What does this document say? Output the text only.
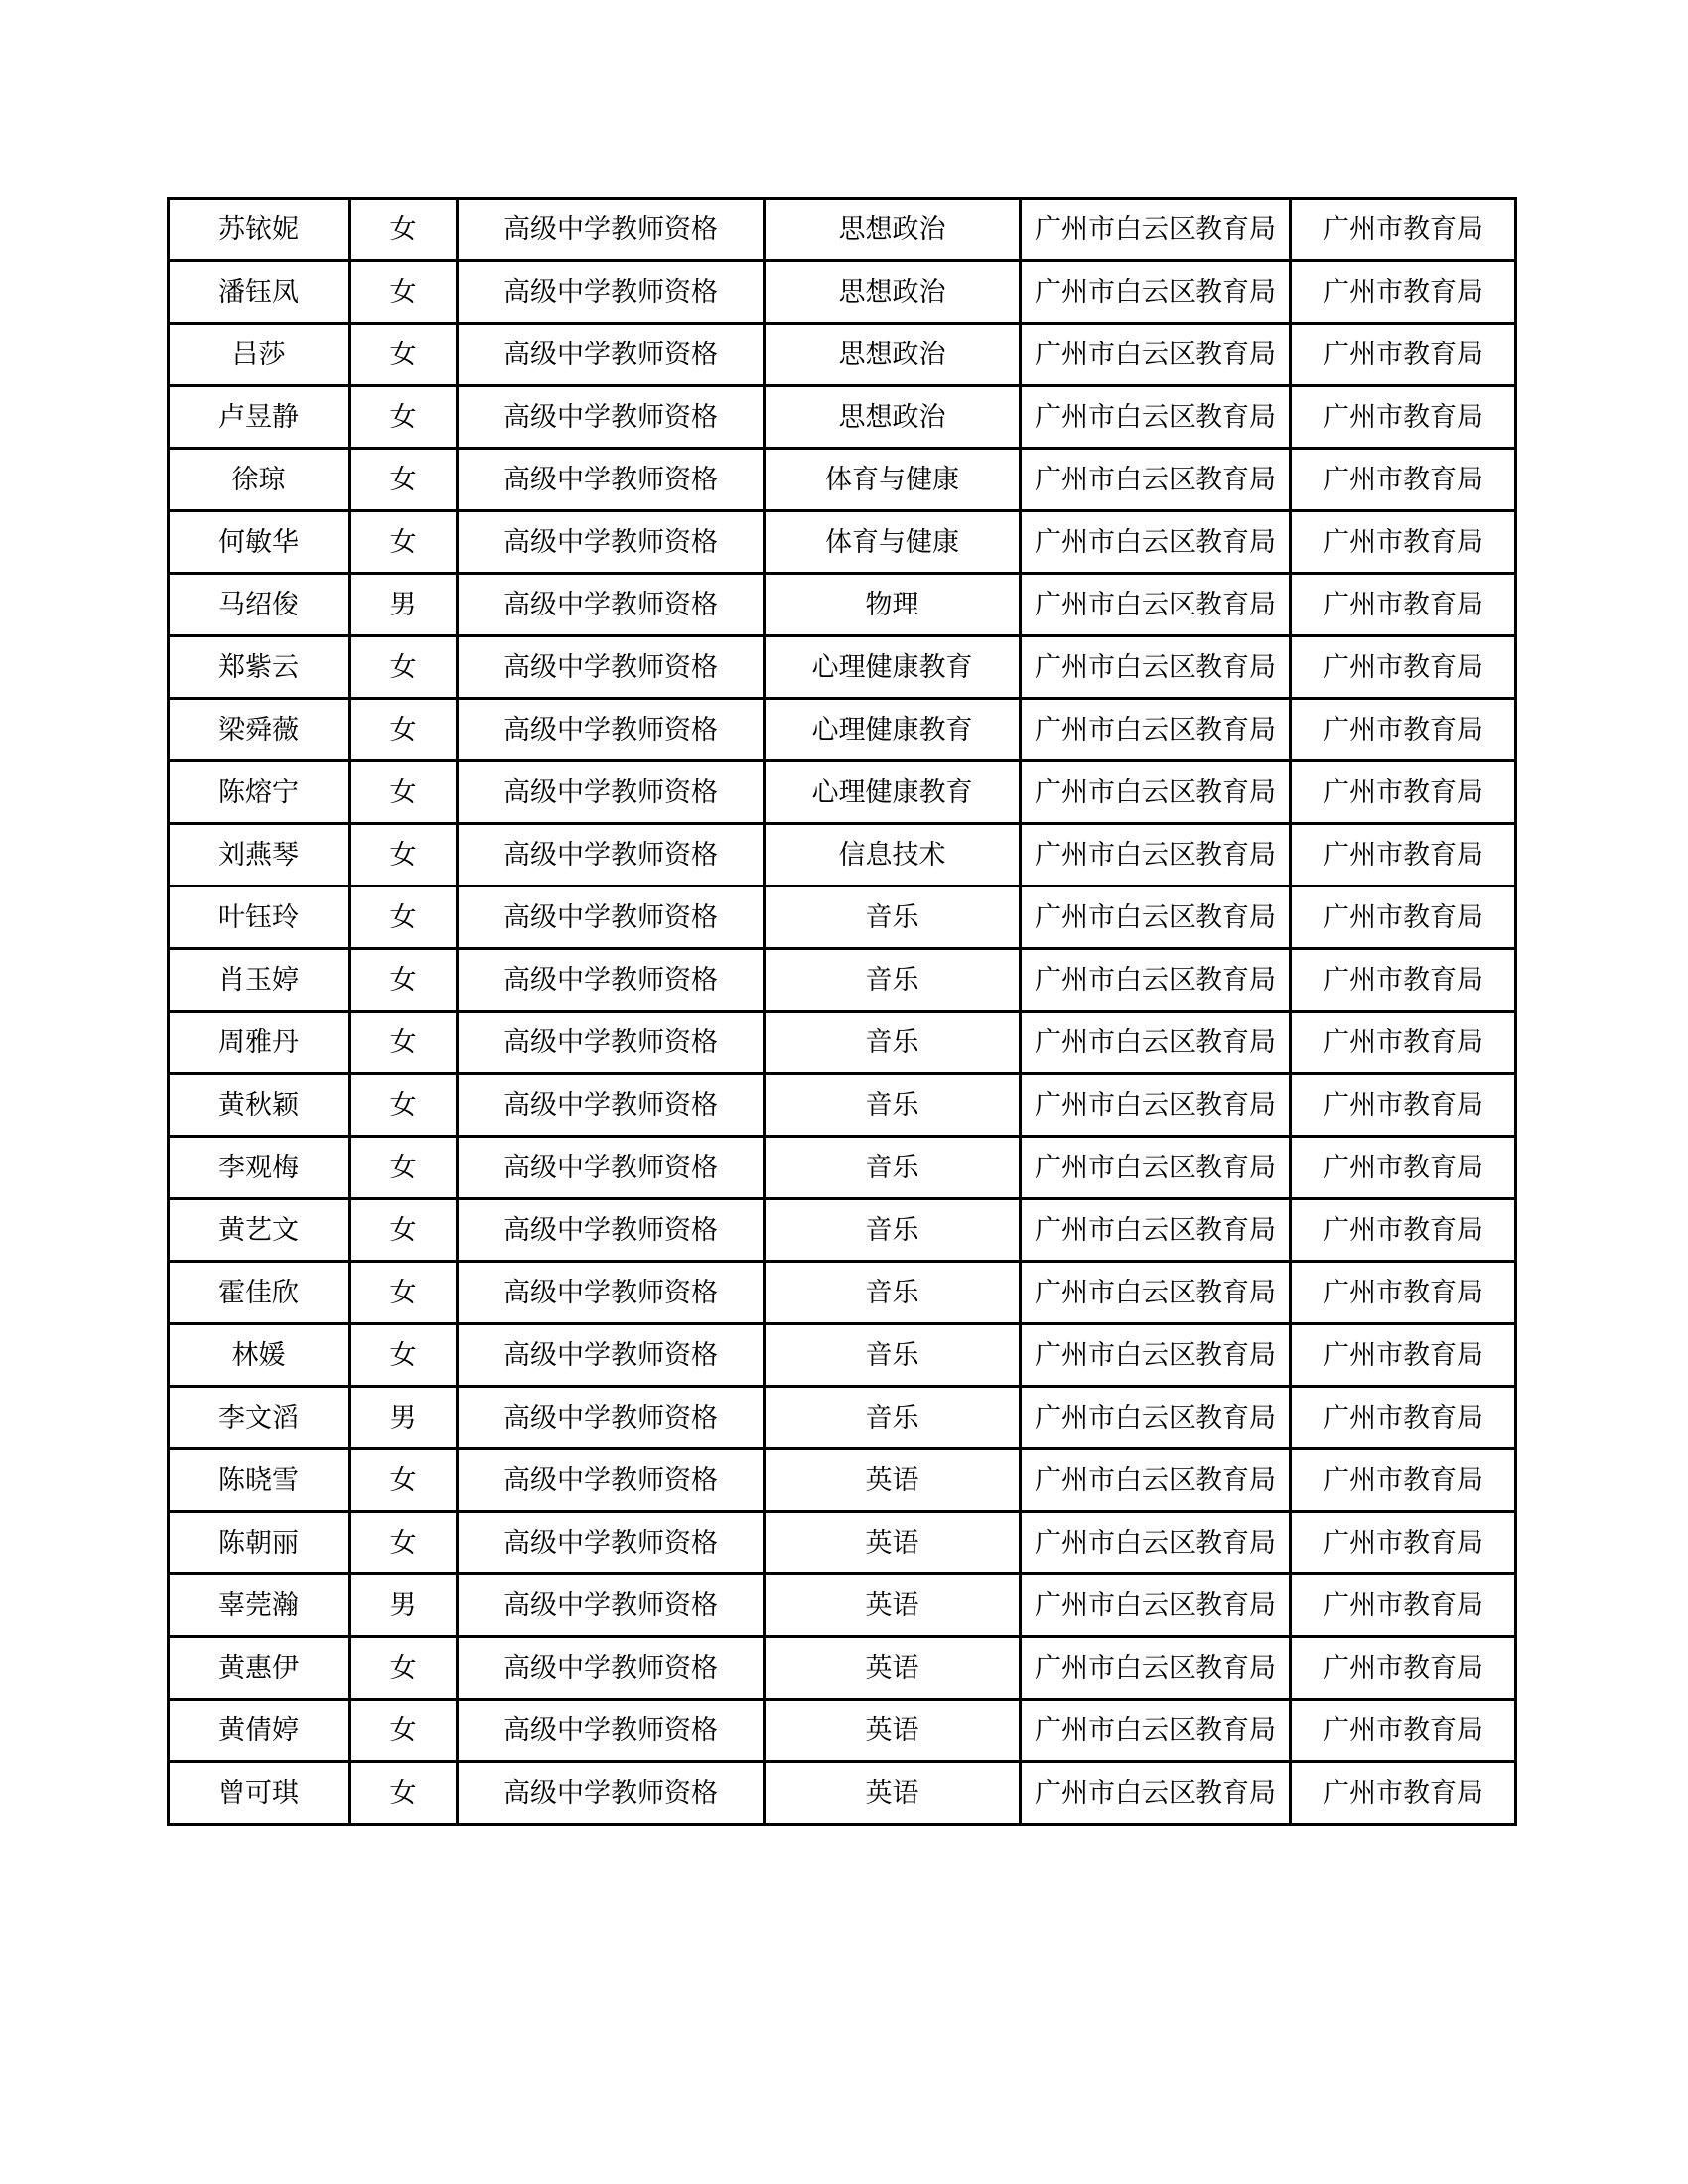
苏铱妮	女	高级中学教师资格	思想政治	广州市白云区教育局	广州市教育局
潘钰凤	女	高级中学教师资格	思想政治	广州市白云区教育局	广州市教育局
吕莎	女	高级中学教师资格	思想政治	广州市白云区教育局	广州市教育局
卢昱静	女	高级中学教师资格	思想政治	广州市白云区教育局	广州市教育局
徐琼	女	高级中学教师资格	体育与健康	广州市白云区教育局	广州市教育局
何敏华	女	高级中学教师资格	体育与健康	广州市白云区教育局	广州市教育局
马绍俊	男	高级中学教师资格	物理	广州市白云区教育局	广州市教育局
郑紫云	女	高级中学教师资格	心理健康教育	广州市白云区教育局	广州市教育局
梁舜薇	女	高级中学教师资格	心理健康教育	广州市白云区教育局	广州市教育局
陈熔宁	女	高级中学教师资格	心理健康教育	广州市白云区教育局	广州市教育局
刘燕琴	女	高级中学教师资格	信息技术	广州市白云区教育局	广州市教育局
叶钰玲	女	高级中学教师资格	音乐	广州市白云区教育局	广州市教育局
肖玉婷	女	高级中学教师资格	音乐	广州市白云区教育局	广州市教育局
周雅丹	女	高级中学教师资格	音乐	广州市白云区教育局	广州市教育局
黄秋颖	女	高级中学教师资格	音乐	广州市白云区教育局	广州市教育局
李观梅	女	高级中学教师资格	音乐	广州市白云区教育局	广州市教育局
黄艺文	女	高级中学教师资格	音乐	广州市白云区教育局	广州市教育局
霍佳欣	女	高级中学教师资格	音乐	广州市白云区教育局	广州市教育局
林媛	女	高级中学教师资格	音乐	广州市白云区教育局	广州市教育局
李文滔	男	高级中学教师资格	音乐	广州市白云区教育局	广州市教育局
陈晓雪	女	高级中学教师资格	英语	广州市白云区教育局	广州市教育局
陈朝丽	女	高级中学教师资格	英语	广州市白云区教育局	广州市教育局
辜莞瀚	男	高级中学教师资格	英语	广州市白云区教育局	广州市教育局
黄惠伊	女	高级中学教师资格	英语	广州市白云区教育局	广州市教育局
黄倩婷	女	高级中学教师资格	英语	广州市白云区教育局	广州市教育局
曾可琪	女	高级中学教师资格	英语	广州市白云区教育局	广州市教育局
